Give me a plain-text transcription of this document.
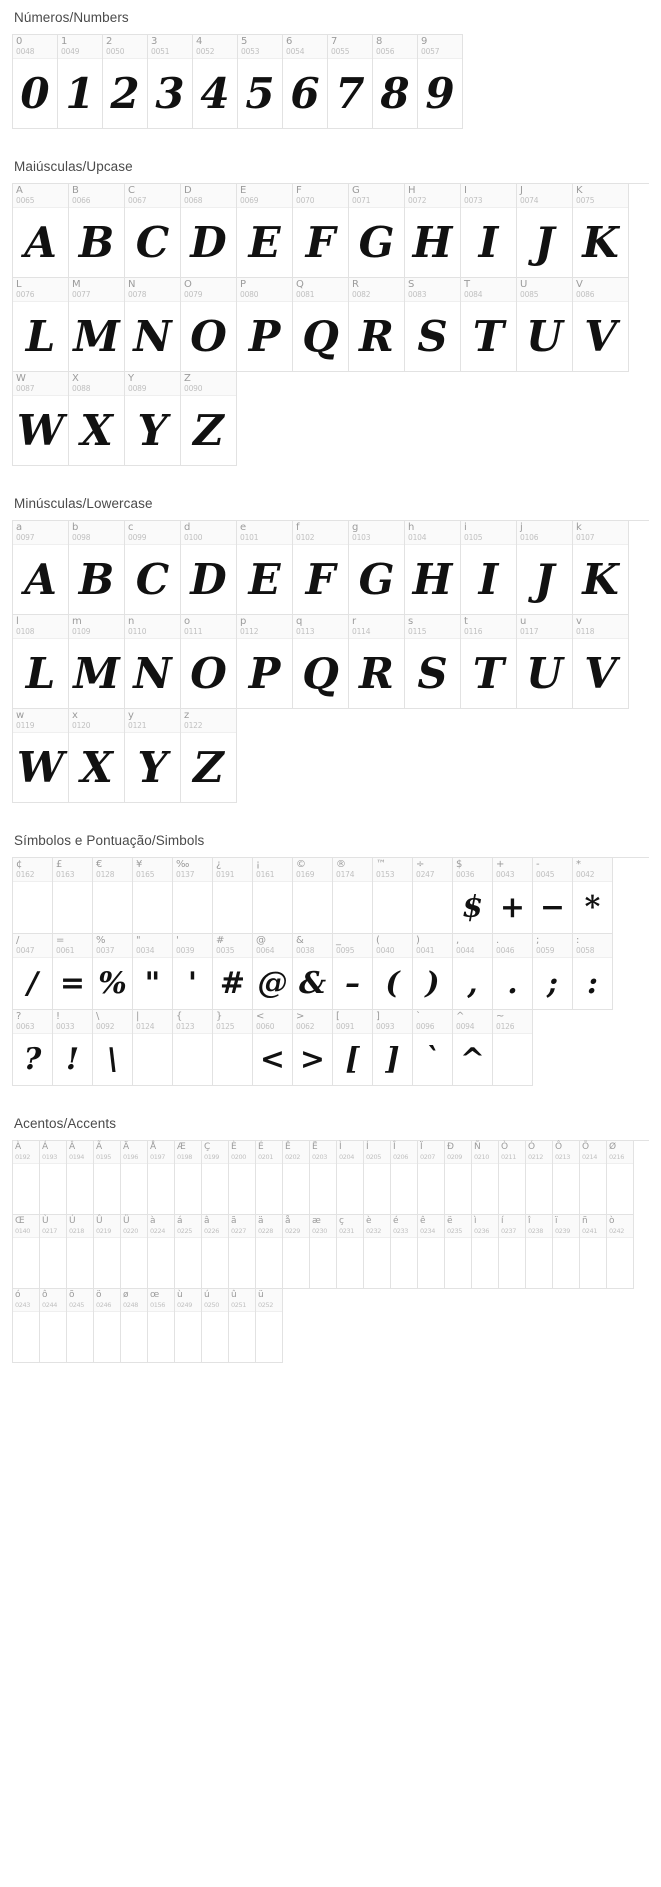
Números/Numbers
0
0048
0
1
0049
1
2
0050
2
3
0051
3
4
0052
4
5
0053
5
6
0054
6
7
0055
7
8
0056
8
9
0057
9
Maiúsculas/Upcase
A
0065
A
B
0066
B
C
0067
C
D
0068
D
E
0069
E
F
0070
F
G
0071
G
H
0072
H
I
0073
I
J
0074
J
K
0075
K
L
0076
L
M
0077
M
N
0078
N
O
0079
O
P
0080
P
Q
0081
Q
R
0082
R
S
0083
S
T
0084
T
U
0085
U
V
0086
V
W
0087
W
X
0088
X
Y
0089
Y
Z
0090
Z
Minúsculas/Lowercase
a
0097
A
b
0098
B
c
0099
C
d
0100
D
e
0101
E
f
0102
F
g
0103
G
h
0104
H
i
0105
I
j
0106
J
k
0107
K
l
0108
L
m
0109
M
n
0110
N
o
0111
O
p
0112
P
q
0113
Q
r
0114
R
s
0115
S
t
0116
T
u
0117
U
v
0118
V
w
0119
W
x
0120
X
y
0121
Y
z
0122
Z
Símbolos e Pontuação/Simbols
¢
0162
£
0163
€
0128
¥
0165
‰
0137
¿
0191
¡
0161
©
0169
®
0174
™
0153
÷
0247
$
0036
$
+
0043
+
-
0045
−
*
0042
*
/
0047
/
=
0061
=
%
0037
%
"
0034
"
'
0039
'
#
0035
#
@
0064
@
&
0038
&
_
0095
–
(
0040
(
)
0041
)
,
0044
,
.
0046
.
;
0059
;
:
0058
:
?
0063
?
!
0033
!
\
0092
\
|
0124
{
0123
}
0125
<
0060
<
>
0062
>
[
0091
[
]
0093
]
`
0096
`
^
0094
^
~
0126
Acentos/Accents
À
0192
Á
0193
Â
0194
Ã
0195
Ä
0196
Å
0197
Æ
0198
Ç
0199
È
0200
É
0201
Ê
0202
Ë
0203
Ì
0204
Í
0205
Î
0206
Ï
0207
Ð
0209
Ñ
0210
Ò
0211
Ó
0212
Ô
0213
Õ
0214
Ø
0216
Œ
0140
Ù
0217
Ú
0218
Û
0219
Ü
0220
à
0224
á
0225
â
0226
ã
0227
ä
0228
å
0229
æ
0230
ç
0231
è
0232
é
0233
ê
0234
ë
0235
ì
0236
í
0237
î
0238
ï
0239
ñ
0241
ò
0242
ó
0243
ô
0244
õ
0245
ö
0246
ø
0248
œ
0156
ù
0249
ú
0250
û
0251
ü
0252
